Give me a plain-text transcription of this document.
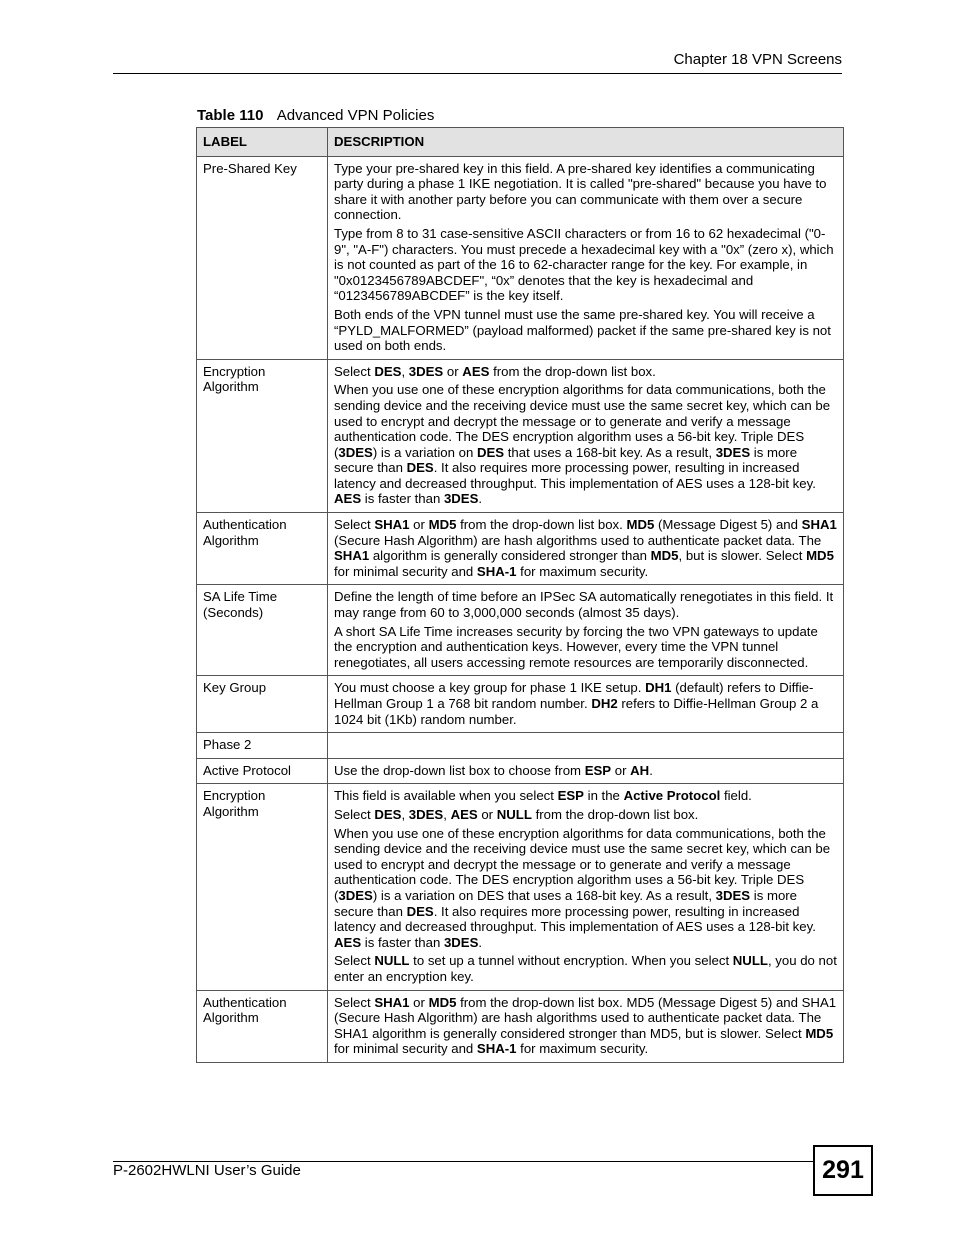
Chapter 18 VPN Screens
Table 110 Advanced VPN Policies
LABEL	DESCRIPTION
Pre-Shared Key	Type your pre-shared key in this field. A pre-shared key identifies a communicating party during a phase 1 IKE negotiation. It is called "pre-shared" because you have to share it with another party before you can communicate with them over a secure connection.

Type from 8 to 31 case-sensitive ASCII characters or from 16 to 62 hexadecimal ("0-9", "A-F") characters. You must precede a hexadecimal key with a "0x” (zero x), which is not counted as part of the 16 to 62-character range for the key. For example, in "0x0123456789ABCDEF", “0x” denotes that the key is hexadecimal and “0123456789ABCDEF” is the key itself.

Both ends of the VPN tunnel must use the same pre-shared key. You will receive a “PYLD_MALFORMED” (payload malformed) packet if the same pre-shared key is not used on both ends.

Encryption Algorithm	Select DES, 3DES or AES from the drop-down list box.

When you use one of these encryption algorithms for data communications, both the sending device and the receiving device must use the same secret key, which can be used to encrypt and decrypt the message or to generate and verify a message authentication code. The DES encryption algorithm uses a 56-bit key. Triple DES (3DES) is a variation on DES that uses a 168-bit key. As a result, 3DES is more secure than DES. It also requires more processing power, resulting in increased latency and decreased throughput. This implementation of AES uses a 128-bit key. AES is faster than 3DES.

Authentication Algorithm	Select SHA1 or MD5 from the drop-down list box. MD5 (Message Digest 5) and SHA1 (Secure Hash Algorithm) are hash algorithms used to authenticate packet data. The SHA1 algorithm is generally considered stronger than MD5, but is slower. Select MD5 for minimal security and SHA-1 for maximum security.

SA Life Time (Seconds)	Define the length of time before an IPSec SA automatically renegotiates in this field. It may range from 60 to 3,000,000 seconds (almost 35 days).

A short SA Life Time increases security by forcing the two VPN gateways to update the encryption and authentication keys. However, every time the VPN tunnel renegotiates, all users accessing remote resources are temporarily disconnected.

Key Group	You must choose a key group for phase 1 IKE setup. DH1 (default) refers to Diffie-Hellman Group 1 a 768 bit random number. DH2 refers to Diffie-Hellman Group 2 a 1024 bit (1Kb) random number.

Phase 2	
Active Protocol	Use the drop-down list box to choose from ESP or AH.

Encryption Algorithm	This field is available when you select ESP in the Active Protocol field.

Select DES, 3DES, AES or NULL from the drop-down list box.

When you use one of these encryption algorithms for data communications, both the sending device and the receiving device must use the same secret key, which can be used to encrypt and decrypt the message or to generate and verify a message authentication code. The DES encryption algorithm uses a 56-bit key. Triple DES (3DES) is a variation on DES that uses a 168-bit key. As a result, 3DES is more secure than DES. It also requires more processing power, resulting in increased latency and decreased throughput. This implementation of AES uses a 128-bit key. AES is faster than 3DES.

Select NULL to set up a tunnel without encryption. When you select NULL, you do not enter an encryption key.

Authentication Algorithm	Select SHA1 or MD5 from the drop-down list box. MD5 (Message Digest 5) and SHA1 (Secure Hash Algorithm) are hash algorithms used to authenticate packet data. The SHA1 algorithm is generally considered stronger than MD5, but is slower. Select MD5 for minimal security and SHA-1 for maximum security.

P-2602HWLNI User’s Guide	291
